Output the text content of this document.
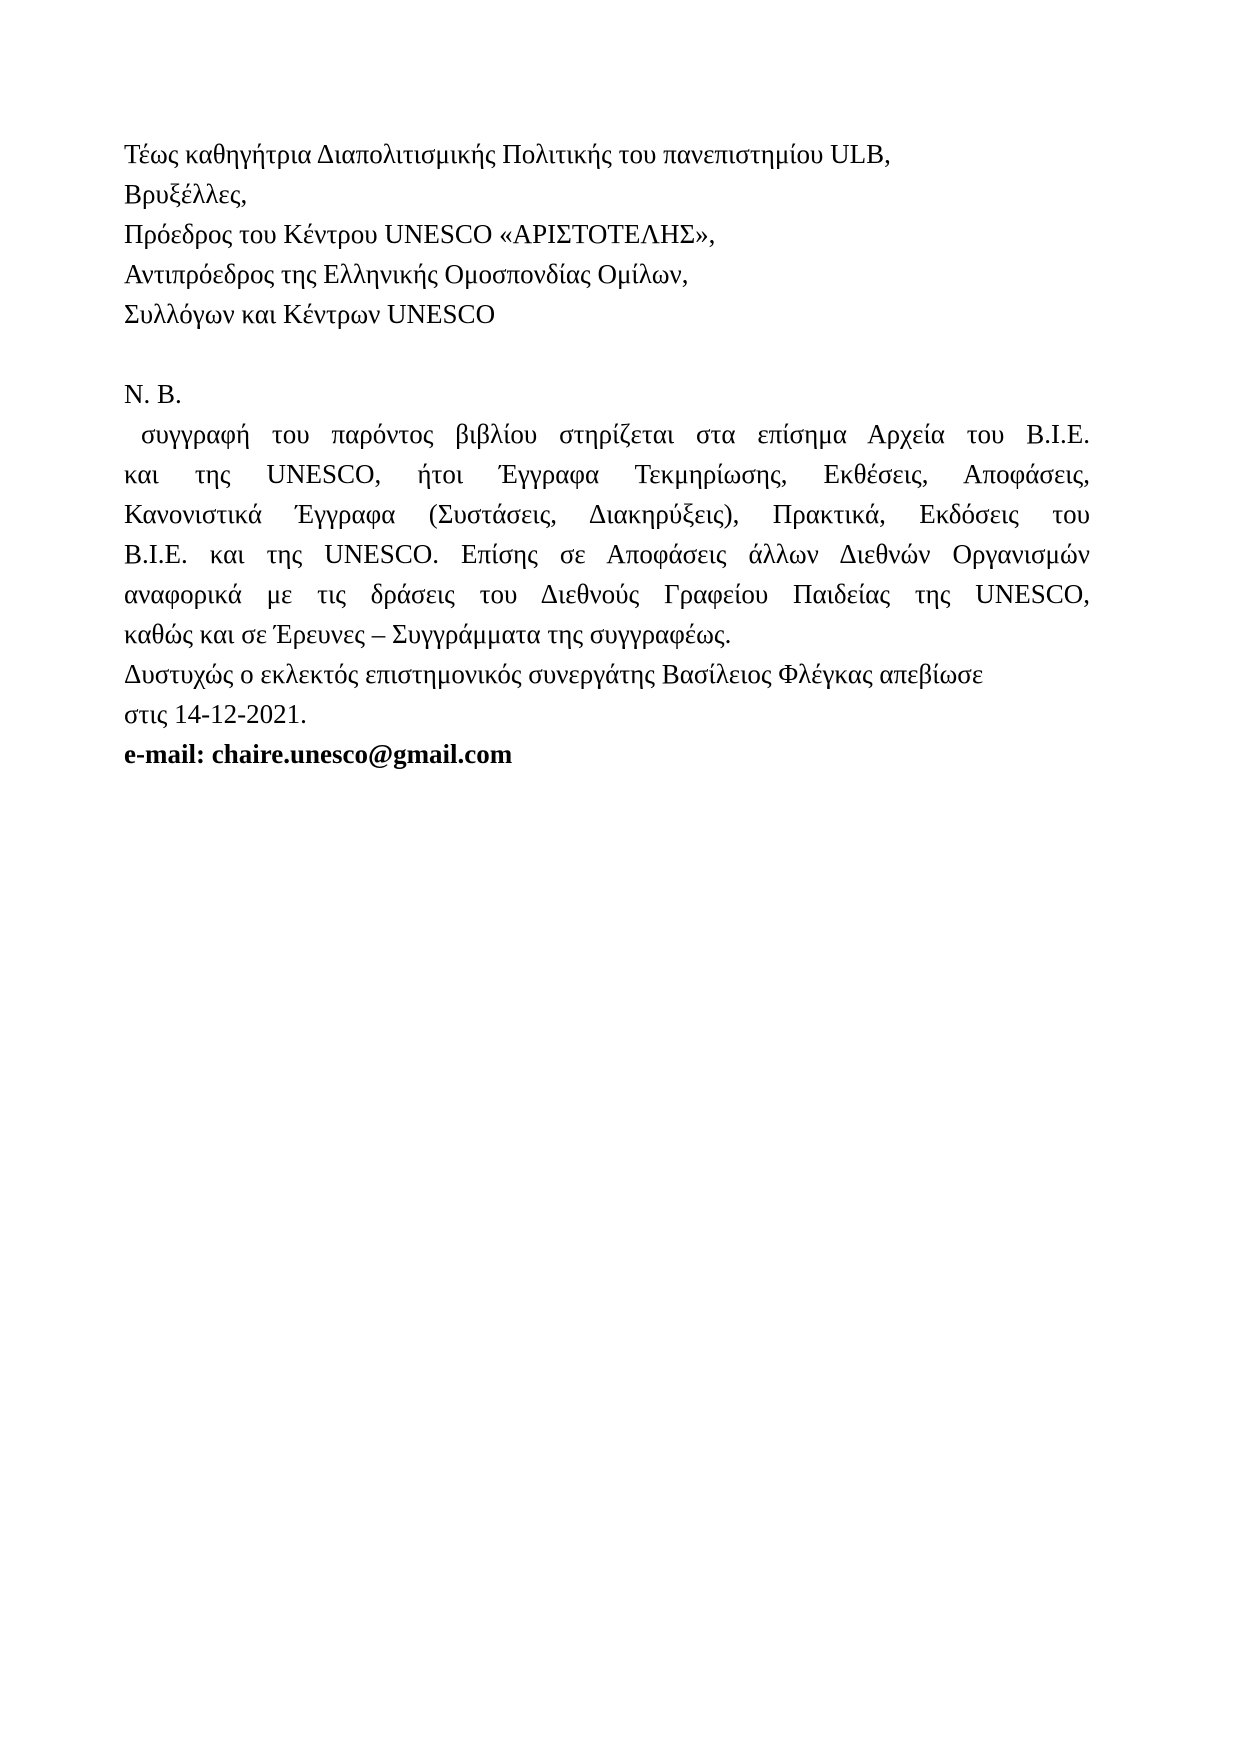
Τέως καθηγήτρια Διαπολιτισμικής Πολιτικής του πανεπιστημίου ULB,
Βρυξέλλες,
Πρόεδρος του Κέντρου UNESCO «ΑΡΙΣΤΟΤΕΛΗΣ»,
Αντιπρόεδρος της Ελληνικής Ομοσπονδίας Ομίλων,
Συλλόγων και Κέντρων UNESCO
N. B.
συγγραφή του παρόντος βιβλίου στηρίζεται στα επίσημα Αρχεία του Β.Ι.Ε.
και της UNESCO, ήτοι Έγγραφα Τεκμηρίωσης, Εκθέσεις, Αποφάσεις,
Κανονιστικά Έγγραφα (Συστάσεις, Διακηρύξεις), Πρακτικά, Εκδόσεις του
Β.Ι.Ε. και της UNESCO. Επίσης σε Αποφάσεις άλλων Διεθνών Οργανισμών
αναφορικά με τις δράσεις του Διεθνούς Γραφείου Παιδείας της UNESCO,
καθώς και σε Έρευνες – Συγγράμματα της συγγραφέως.
Δυστυχώς ο εκλεκτός επιστημονικός συνεργάτης Βασίλειος Φλέγκας απεβίωσε
στις 14-12-2021.
e-mail: chaire.unesco@gmail.com
